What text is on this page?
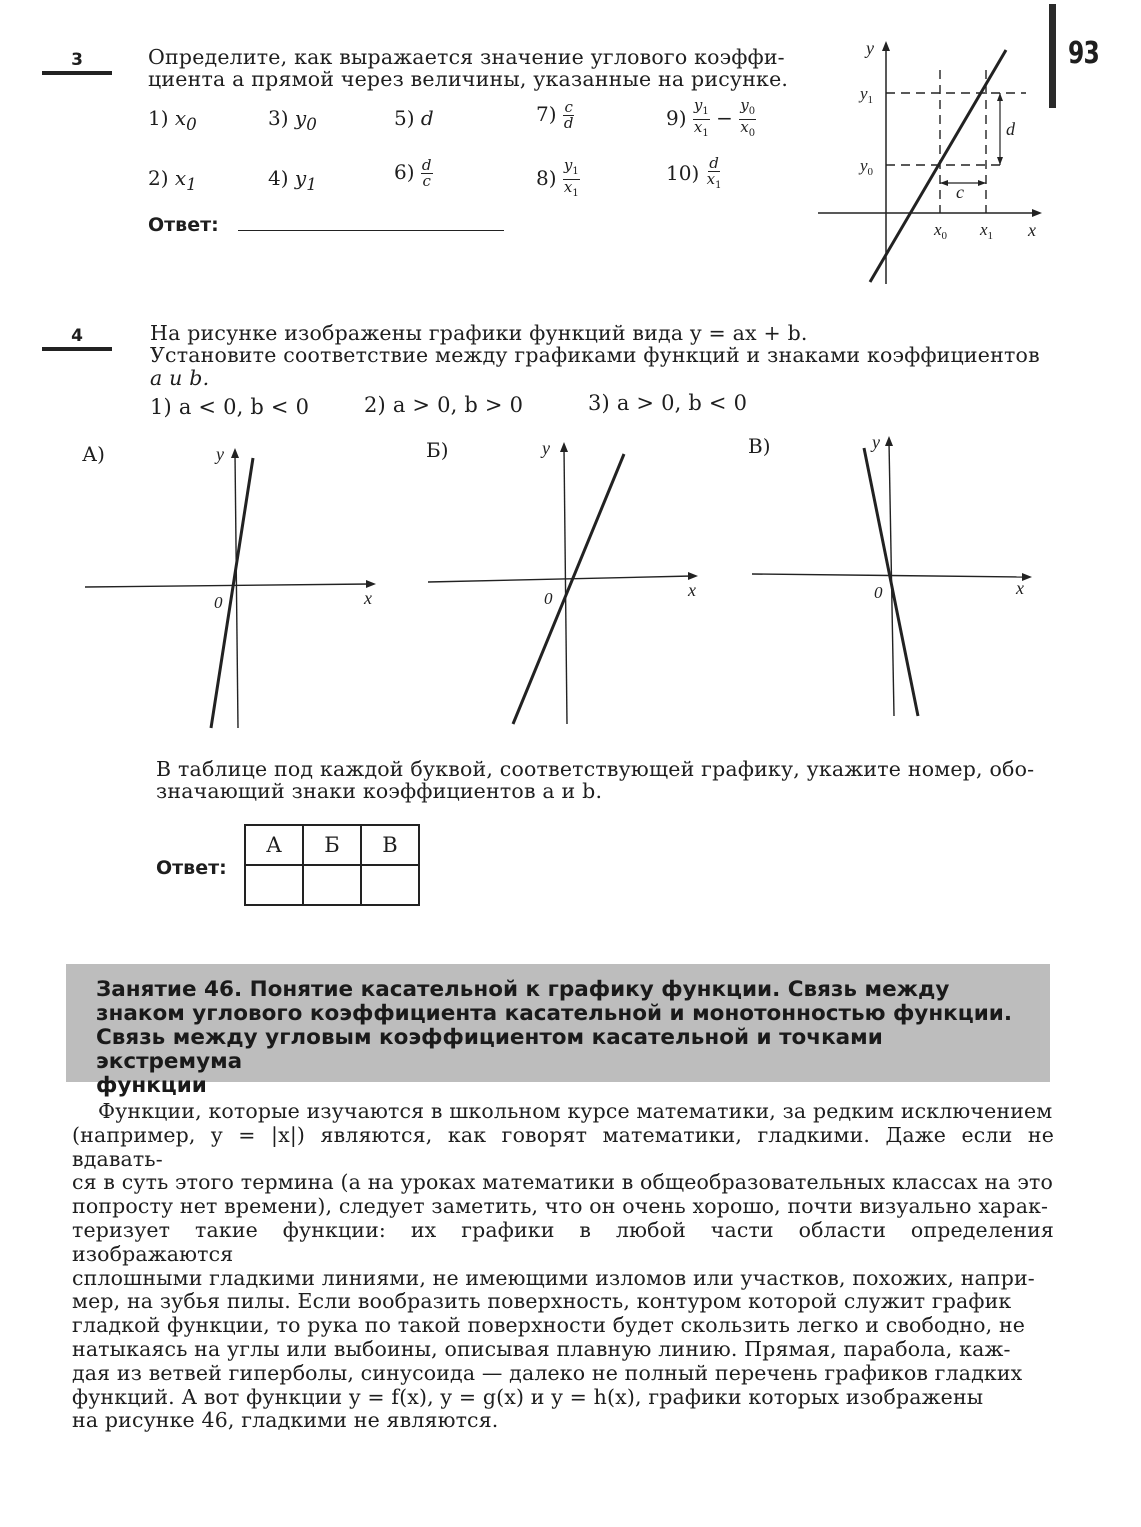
93
3	Определите, как выражается значение углового коэффи-
циента a прямой через величины, указанные на рисунке.
1) $x_0$	3) $y_0$	5) d	$7) \frac{c}{d}$	$9) \frac{y_1}{x_1} - \frac{y_0}{x_0}$
2) $x_1$	4) $y_1$
$6) \frac{d}{c}$	$8) \frac{y_1}{x_1}$	$10) \frac{d}{x_1}$
Ответ:
y
x
$y_1$
$y_0$
$x_0$ $x_1$
d
c
4	На рисунке изображены графики функций вида y = ax + b.
Установите соответствие между графиками функций и знаками коэффициентов
a и b.
1) a < 0, b < 0	2) a > 0, b > 0	3) a > 0, b < 0
А)	y
x
0
Б)	y
x
0
В)	y
x
0
В таблице под каждой буквой, соответствующей графику, укажите номер, обо-
значающий знаки коэффициентов a и b.
Ответ:
А	Б	В

Занятие 46. Понятие касательной к графику функции. Связь между
знаком углового коэффициента касательной и монотонностью функции.
Связь между угловым коэффициентом касательной и точками экстремума
функции
Функции, которые изучаются в школьном курсе математики, за редким исключением
(например, y = |x|) являются, как говорят математики, гладкими. Даже если не вдавать-
ся в суть этого термина (а на уроках математики в общеобразовательных классах на это
попросту нет времени), следует заметить, что он очень хорошо, почти визуально харак-
теризует такие функции: их графики в любой части области определения изображаются
сплошными гладкими линиями, не имеющими изломов или участков, похожих, напри-
мер, на зубья пилы. Если вообразить поверхность, контуром которой служит график
гладкой функции, то рука по такой поверхности будет скользить легко и свободно, не
натыкаясь на углы или выбоины, описывая плавную линию. Прямая, парабола, каж-
дая из ветвей гиперболы, синусоида — далеко не полный перечень графиков гладких
функций. А вот функции y = f(x), y = g(x) и y = h(x), графики которых изображены
на рисунке 46, гладкими не являются.
